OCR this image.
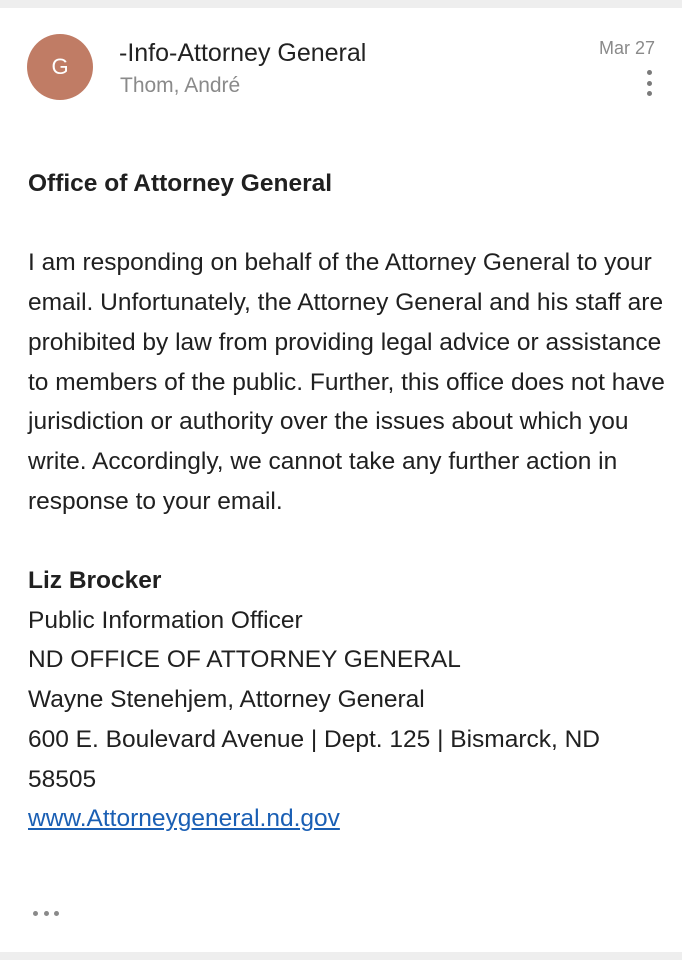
G -Info-Attorney General
Thom, André
Mar 27

Office of Attorney General

I am responding on behalf of the Attorney General to your email. Unfortunately, the Attorney General and his staff are prohibited by law from providing legal advice or assistance to members of the public. Further, this office does not have jurisdiction or authority over the issues about which you write. Accordingly, we cannot take any further action in response to your email.

Liz Brocker

Public Information Officer

ND OFFICE OF ATTORNEY GENERAL

Wayne Stenehjem, Attorney General

600 E. Boulevard Avenue | Dept. 125 | Bismarck, ND 58505

www.Attorneygeneral.nd.gov
